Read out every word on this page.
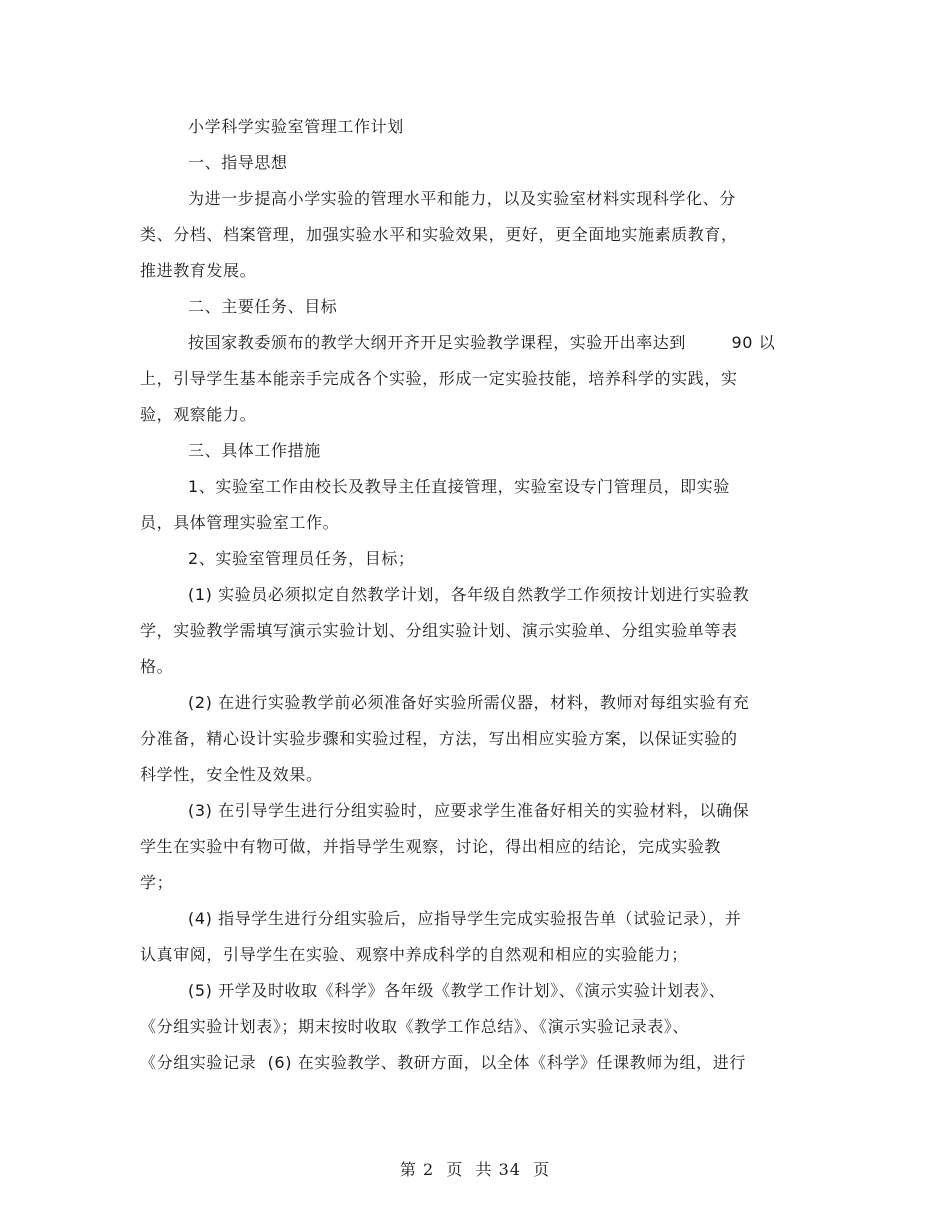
小学科学实验室管理工作计划
一、指导思想
为进一步提高小学实验的管理水平和能力，以及实验室材料实现科学化、分
类、分档、档案管理，加强实验水平和实验效果，更好，更全面地实施素质教育，
推进教育发展。
二、主要任务、目标
按国家教委颁布的教学大纲开齐开足实验教学课程，实验开出率达到        90 以
上，引导学生基本能亲手完成各个实验，形成一定实验技能，培养科学的实践，实
验，观察能力。
三、具体工作措施
1、实验室工作由校长及教导主任直接管理，实验室设专门管理员，即实验
员，具体管理实验室工作。
2、实验室管理员任务，目标；
(1) 实验员必须拟定自然教学计划，各年级自然教学工作须按计划进行实验教
学，实验教学需填写演示实验计划、分组实验计划、演示实验单、分组实验单等表
格。
(2) 在进行实验教学前必须准备好实验所需仪器，材料，教师对每组实验有充
分准备，精心设计实验步骤和实验过程，方法，写出相应实验方案，以保证实验的
科学性，安全性及效果。
(3) 在引导学生进行分组实验时，应要求学生准备好相关的实验材料，以确保
学生在实验中有物可做，并指导学生观察，讨论，得出相应的结论，完成实验教
学；
(4) 指导学生进行分组实验后，应指导学生完成实验报告单（试验记录），并
认真审阅，引导学生在实验、观察中养成科学的自然观和相应的实验能力；
(5) 开学及时收取《科学》各年级《教学工作计划》、《演示实验计划表》、
《分组实验计划表》；期末按时收取《教学工作总结》、《演示实验记录表》、
《分组实验记录  (6) 在实验教学、教研方面，以全体《科学》任课教师为组，进行
第 2  页  共 34  页
